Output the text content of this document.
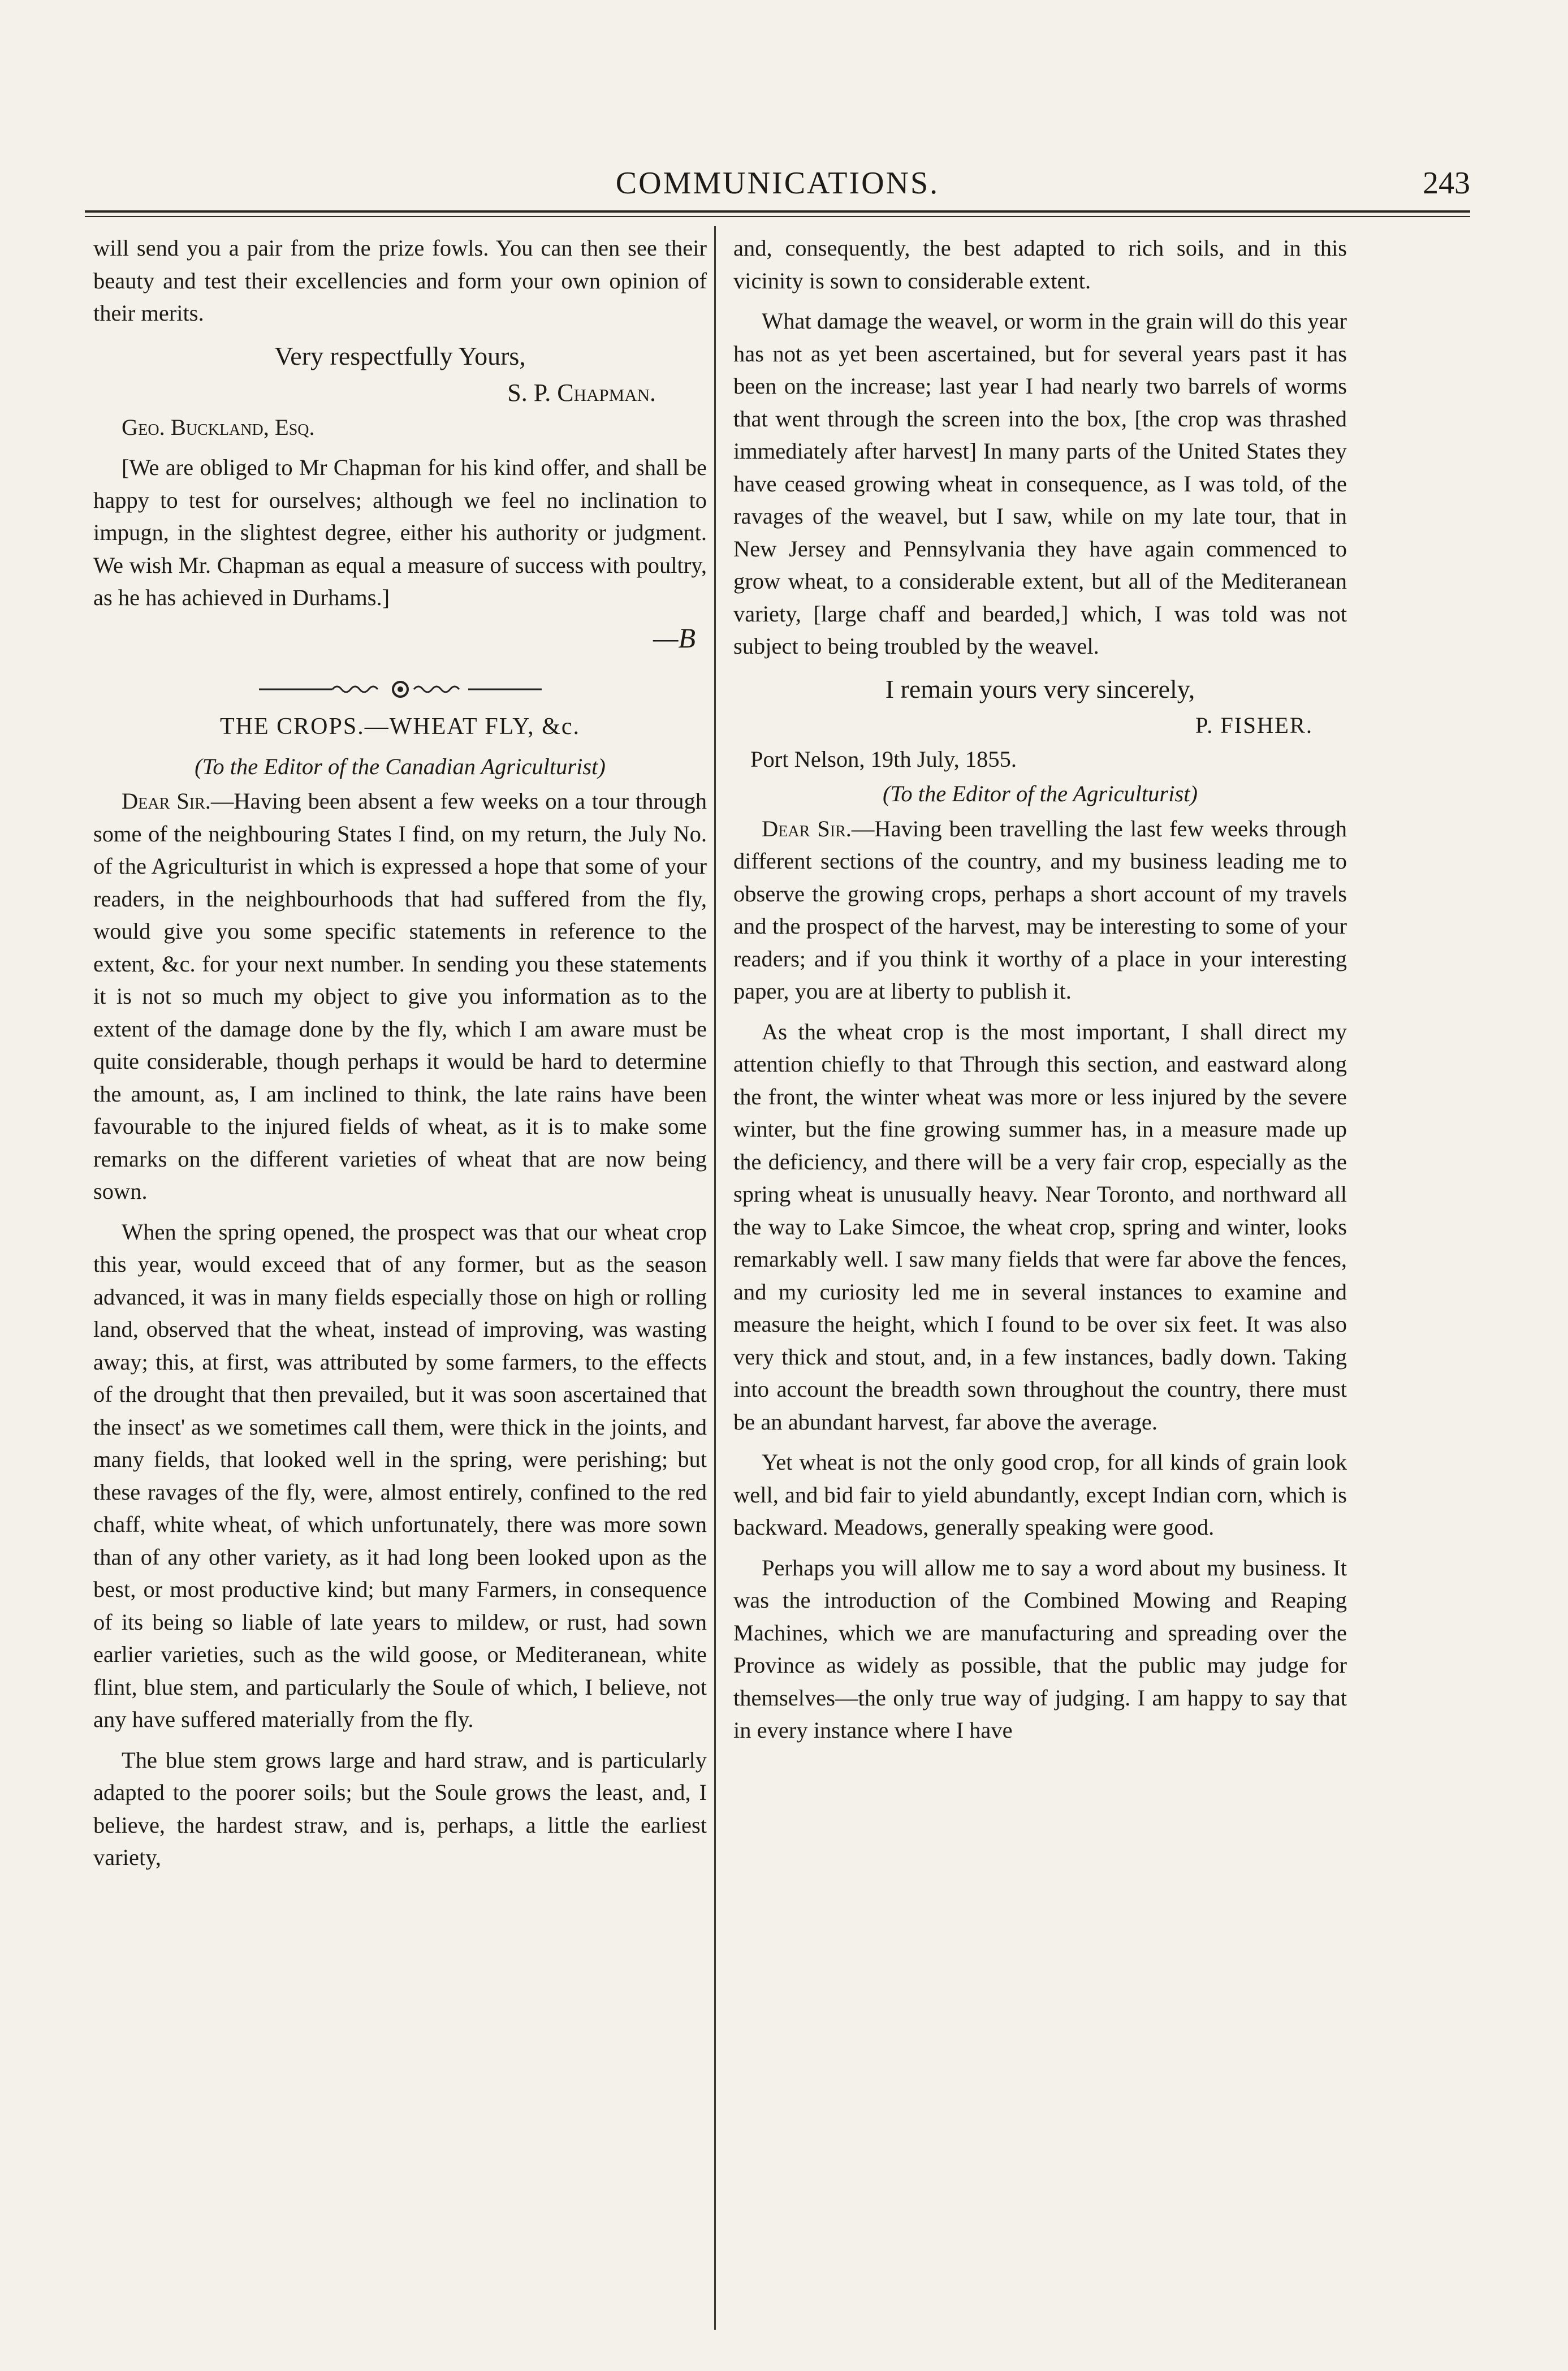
COMMUNICATIONS.	243

will send you a pair from the prize fowls. You can then see their beauty and test their excellencies and form your own opinion of their merits.

Very respectfully Yours,

S. P. Chapman.

Geo. Buckland, Esq.

[We are obliged to Mr Chapman for his kind offer, and shall be happy to test for ourselves; although we feel no inclination to impugn, in the slightest degree, either his authority or judgment. We wish Mr. Chapman as equal a measure of success with poultry, as he has achieved in Durhams.]

—B

THE CROPS.—WHEAT FLY, &c.

(To the Editor of the Canadian Agriculturist)

Dear Sir.—Having been absent a few weeks on a tour through some of the neighbouring States I find, on my return, the July No. of the Agriculturist in which is expressed a hope that some of your readers, in the neighbourhoods that had suffered from the fly, would give you some specific statements in reference to the extent, &c. for your next number. In sending you these statements it is not so much my object to give you information as to the extent of the damage done by the fly, which I am aware must be quite considerable, though perhaps it would be hard to determine the amount, as, I am inclined to think, the late rains have been favourable to the injured fields of wheat, as it is to make some remarks on the different varieties of wheat that are now being sown.

When the spring opened, the prospect was that our wheat crop this year, would exceed that of any former, but as the season advanced, it was in many fields especially those on high or rolling land, observed that the wheat, instead of improving, was wasting away; this, at first, was attributed by some farmers, to the effects of the drought that then prevailed, but it was soon ascertained that the insect' as we sometimes call them, were thick in the joints, and many fields, that looked well in the spring, were perishing; but these ravages of the fly, were, almost entirely, confined to the red chaff, white wheat, of which unfortunately, there was more sown than of any other variety, as it had long been looked upon as the best, or most productive kind; but many Farmers, in consequence of its being so liable of late years to mildew, or rust, had sown earlier varieties, such as the wild goose, or Mediteranean, white flint, blue stem, and particularly the Soule of which, I believe, not any have suffered materially from the fly.

The blue stem grows large and hard straw, and is particularly adapted to the poorer soils; but the Soule grows the least, and, I believe, the hardest straw, and is, perhaps, a little the earliest variety,

and, consequently, the best adapted to rich soils, and in this vicinity is sown to considerable extent.

What damage the weavel, or worm in the grain will do this year has not as yet been ascertained, but for several years past it has been on the increase; last year I had nearly two barrels of worms that went through the screen into the box, [the crop was thrashed immediately after harvest] In many parts of the United States they have ceased growing wheat in consequence, as I was told, of the ravages of the weavel, but I saw, while on my late tour, that in New Jersey and Pennsylvania they have again commenced to grow wheat, to a considerable extent, but all of the Mediteranean variety, [large chaff and bearded,] which, I was told was not subject to being troubled by the weavel.

I remain yours very sincerely,

P. FISHER.

Port Nelson, 19th July, 1855.

(To the Editor of the Agriculturist)

Dear Sir.—Having been travelling the last few weeks through different sections of the country, and my business leading me to observe the growing crops, perhaps a short account of my travels and the prospect of the harvest, may be interesting to some of your readers; and if you think it worthy of a place in your interesting paper, you are at liberty to publish it.

As the wheat crop is the most important, I shall direct my attention chiefly to that Through this section, and eastward along the front, the winter wheat was more or less injured by the severe winter, but the fine growing summer has, in a measure made up the deficiency, and there will be a very fair crop, especially as the spring wheat is unusually heavy. Near Toronto, and northward all the way to Lake Simcoe, the wheat crop, spring and winter, looks remarkably well. I saw many fields that were far above the fences, and my curiosity led me in several instances to examine and measure the height, which I found to be over six feet. It was also very thick and stout, and, in a few instances, badly down. Taking into account the breadth sown throughout the country, there must be an abundant harvest, far above the average.

Yet wheat is not the only good crop, for all kinds of grain look well, and bid fair to yield abundantly, except Indian corn, which is backward. Meadows, generally speaking were good.

Perhaps you will allow me to say a word about my business. It was the introduction of the Combined Mowing and Reaping Machines, which we are manufacturing and spreading over the Province as widely as possible, that the public may judge for themselves—the only true way of judging. I am happy to say that in every instance where I have
